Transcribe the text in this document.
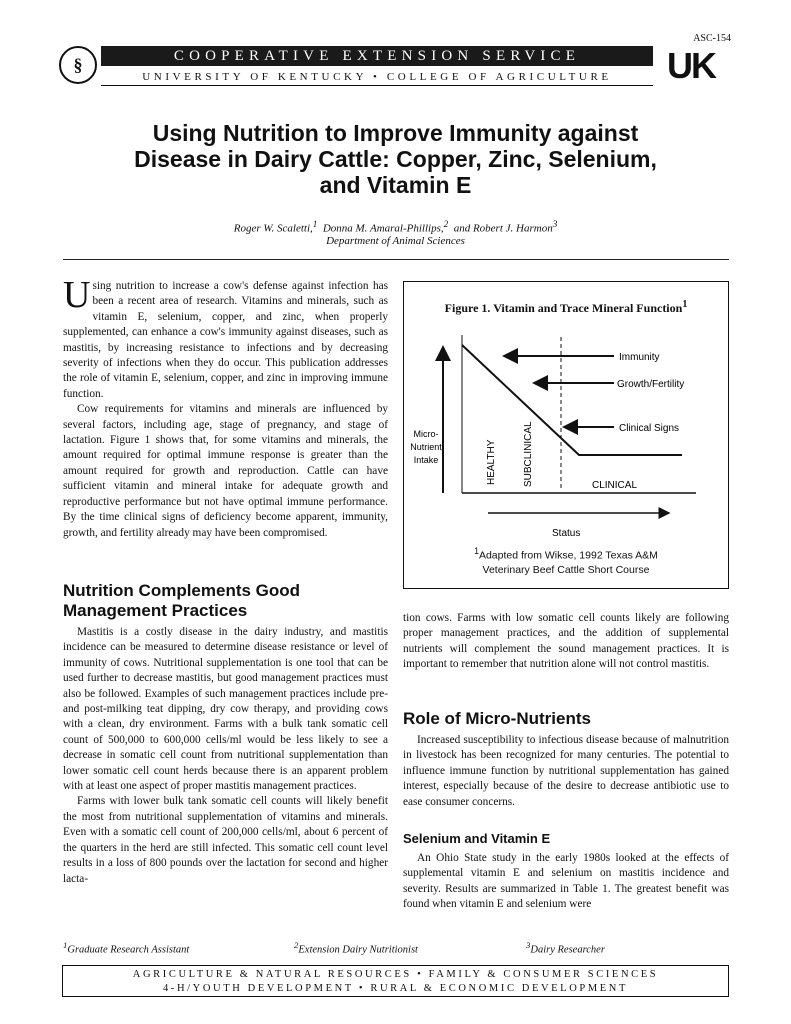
ASC-154
§	COOPERATIVE EXTENSION SERVICE
UNIVERSITY OF KENTUCKY • COLLEGE OF AGRICULTURE	UK
Using Nutrition to Improve Immunity against
Disease in Dairy Cattle: Copper, Zinc, Selenium,
and Vitamin E
Roger W. Scaletti,$^1$ Donna M. Amaral-Phillips,$^2$ and Robert J. Harmon$^3$
Department of Animal Sciences

Using nutrition to increase a cow's defense against infection has been a recent area of research. Vitamins and minerals, such as vitamin E, selenium, copper, and zinc, when properly supplemented, can enhance a cow's immunity against diseases, such as mastitis, by increasing resistance to infections and by decreasing severity of infections when they do occur. This publication addresses the role of vitamin E, selenium, copper, and zinc in improving immune function.

Cow requirements for vitamins and minerals are influenced by several factors, including age, stage of pregnancy, and stage of lactation. Figure 1 shows that, for some vitamins and minerals, the amount required for optimal immune response is greater than the amount required for growth and reproduction. Cattle can have sufficient vitamin and mineral intake for adequate growth and reproductive performance but not have optimal immune performance. By the time clinical signs of deficiency become apparent, immunity, growth, and fertility already may have been compromised.

Nutrition Complements Good
Management Practices

Mastitis is a costly disease in the dairy industry, and mastitis incidence can be measured to determine disease resistance or level of immunity of cows. Nutritional supplementation is one tool that can be used further to decrease mastitis, but good management practices must also be followed. Examples of such management practices include pre- and post-milking teat dipping, dry cow therapy, and providing cows with a clean, dry environment. Farms with a bulk tank somatic cell count of 500,000 to 600,000 cells/ml would be less likely to see a decrease in somatic cell count from nutritional supplementation than lower somatic cell count herds because there is an apparent problem with at least one aspect of proper mastitis management practices.

Farms with lower bulk tank somatic cell counts will likely benefit the most from nutritional supplementation of vitamins and minerals. Even with a somatic cell count of 200,000 cells/ml, about 6 percent of the quarters in the herd are still infected. This somatic cell count level results in a loss of 800 pounds over the lactation for second and higher lacta-

Figure 1. Vitamin and Trace Mineral Function$^1$
Immunity
Growth/Fertility
Clinical Signs
Micro-
Nutrient
Intake	HEALTHY	SUBCLINICAL	CLINICAL
Status
$^1$Adapted from Wikse, 1992 Texas A&M
Veterinary Beef Cattle Short Course

tion cows. Farms with low somatic cell counts likely are following proper management practices, and the addition of supplemental nutrients will complement the sound management practices. It is important to remember that nutrition alone will not control mastitis.

Role of Micro-Nutrients

Increased susceptibility to infectious disease because of malnutrition in livestock has been recognized for many centuries. The potential to influence immune function by nutritional supplementation has gained interest, especially because of the desire to decrease antibiotic use to ease consumer concerns.

Selenium and Vitamin E

An Ohio State study in the early 1980s looked at the effects of supplemental vitamin E and selenium on mastitis incidence and severity. Results are summarized in Table 1. The greatest benefit was found when vitamin E and selenium were

$^1$Graduate Research Assistant	$^2$Extension Dairy Nutritionist	$^3$Dairy Researcher
AGRICULTURE & NATURAL RESOURCES • FAMILY & CONSUMER SCIENCES
4-H/YOUTH DEVELOPMENT • RURAL & ECONOMIC DEVELOPMENT
